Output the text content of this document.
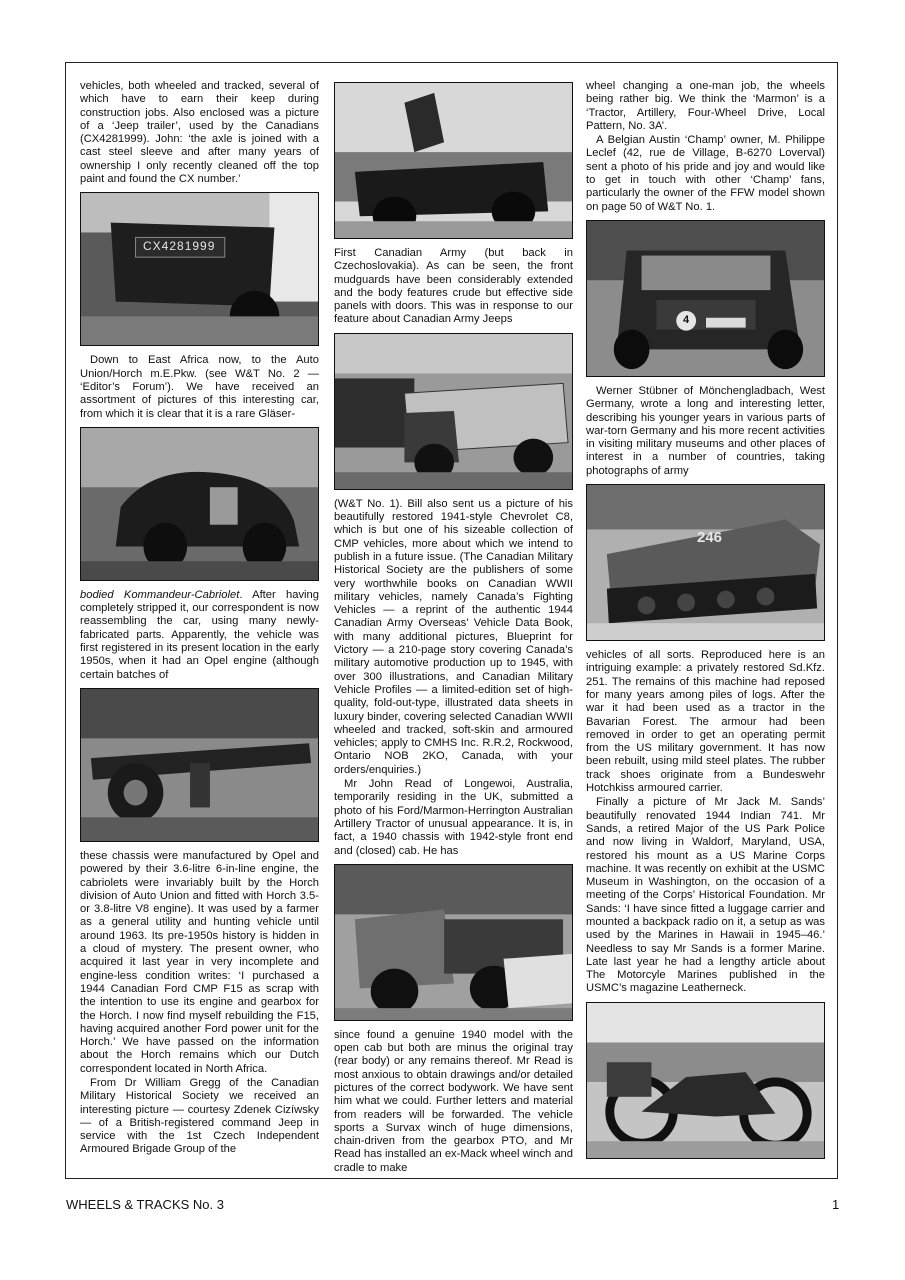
vehicles, both wheeled and tracked, several of which have to earn their keep during construction jobs. Also enclosed was a picture of a ‘Jeep trailer’, used by the Canadians (CX4281999). John: ‘the axle is joined with a cast steel sleeve and after many years of ownership I only recently cleaned off the top paint and found the CX number.’

CX4281999

Down to East Africa now, to the Auto Union/Horch m.E.Pkw. (see W&T No. 2 — ‘Editor’s Forum’). We have received an assortment of pictures of this interesting car, from which it is clear that it is a rare Gläser-

bodied Kommandeur-Cabriolet. After having completely stripped it, our correspondent is now reassembling the car, using many newly-fabricated parts. Apparently, the vehicle was first registered in its present location in the early 1950s, when it had an Opel engine (although certain batches of

these chassis were manufactured by Opel and powered by their 3.6-litre 6-in-line engine, the cabriolets were invariably built by the Horch division of Auto Union and fitted with Horch 3.5- or 3.8-litre V8 engine). It was used by a farmer as a general utility and hunting vehicle until around 1963. Its pre-1950s history is hidden in a cloud of mystery. The present owner, who acquired it last year in very incomplete and engine-less condition writes: ‘I purchased a 1944 Canadian Ford CMP F15 as scrap with the intention to use its engine and gearbox for the Horch. I now find myself rebuilding the F15, having acquired another Ford power unit for the Horch.’ We have passed on the information about the Horch remains which our Dutch correspondent located in North Africa.

From Dr William Gregg of the Canadian Military Historical Society we received an interesting picture — courtesy Zdenek Cizíwsky — of a British-registered command Jeep in service with the 1st Czech Independent Armoured Brigade Group of the

First Canadian Army (but back in Czechoslovakia). As can be seen, the front mudguards have been considerably extended and the body features crude but effective side panels with doors. This was in response to our feature about Canadian Army Jeeps

(W&T No. 1). Bill also sent us a picture of his beautifully restored 1941-style Chevrolet C8, which is but one of his sizeable collection of CMP vehicles, more about which we intend to publish in a future issue. (The Canadian Military Historical Society are the publishers of some very worthwhile books on Canadian WWII military vehicles, namely Canada’s Fighting Vehicles — a reprint of the authentic 1944 Canadian Army Overseas’ Vehicle Data Book, with many additional pictures, Blueprint for Victory — a 210-page story covering Canada’s military automotive production up to 1945, with over 300 illustrations, and Canadian Military Vehicle Profiles — a limited-edition set of high-quality, fold-out-type, illustrated data sheets in luxury binder, covering selected Canadian WWII wheeled and tracked, soft-skin and armoured vehicles; apply to CMHS Inc. R.R.2, Rockwood, Ontario NOB 2KO, Canada, with your orders/enquiries.)

Mr John Read of Longewoi, Australia, temporarily residing in the UK, submitted a photo of his Ford/Marmon-Herrington Australian Artillery Tractor of unusual appearance. It is, in fact, a 1940 chassis with 1942-style front end and (closed) cab. He has

since found a genuine 1940 model with the open cab but both are minus the original tray (rear body) or any remains thereof. Mr Read is most anxious to obtain drawings and/or detailed pictures of the correct bodywork. We have sent him what we could. Further letters and material from readers will be forwarded. The vehicle sports a Survax winch of huge dimensions, chain-driven from the gearbox PTO, and Mr Read has installed an ex-Mack wheel winch and cradle to make

wheel changing a one-man job, the wheels being rather big. We think the ‘Marmon’ is a ‘Tractor, Artillery, Four-Wheel Drive, Local Pattern, No. 3A’.

A Belgian Austin ‘Champ’ owner, M. Philippe Leclef (42, rue de Village, B-6270 Loverval) sent a photo of his pride and joy and would like to get in touch with other ‘Champ’ fans, particularly the owner of the FFW model shown on page 50 of W&T No. 1.

4

Werner Stübner of Mönchengladbach, West Germany, wrote a long and interesting letter, describing his younger years in various parts of war-torn Germany and his more recent activities in visiting military museums and other places of interest in a number of countries, taking photographs of army

246

vehicles of all sorts. Reproduced here is an intriguing example: a privately restored Sd.Kfz. 251. The remains of this machine had reposed for many years among piles of logs. After the war it had been used as a tractor in the Bavarian Forest. The armour had been removed in order to get an operating permit from the US military government. It has now been rebuilt, using mild steel plates. The rubber track shoes originate from a Bundeswehr Hotchkiss armoured carrier.

Finally a picture of Mr Jack M. Sands’ beautifully renovated 1944 Indian 741. Mr Sands, a retired Major of the US Park Police and now living in Waldorf, Maryland, USA, restored his mount as a US Marine Corps machine. It was recently on exhibit at the USMC Museum in Washington, on the occasion of a meeting of the Corps’ Historical Foundation. Mr Sands: ‘I have since fitted a luggage carrier and mounted a backpack radio on it, a setup as was used by the Marines in Hawaii in 1945–46.’ Needless to say Mr Sands is a former Marine. Late last year he had a lengthy article about The Motorcyle Marines published in the USMC’s magazine Leatherneck.

WHEELS & TRACKS No. 3	1
